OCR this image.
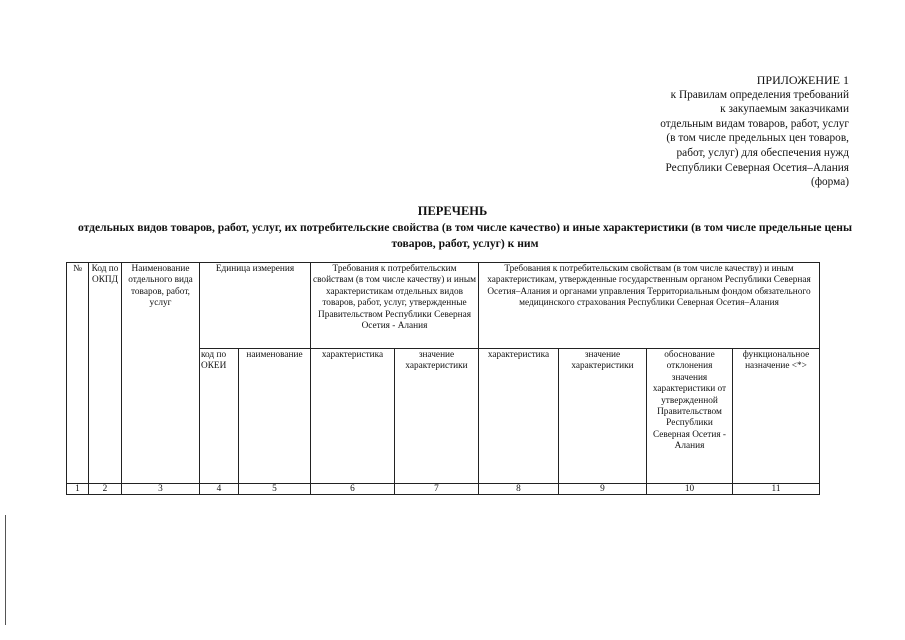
ПРИЛОЖЕНИЕ 1
к Правилам определения требований
к закупаемым заказчиками
отдельным видам товаров, работ, услуг
(в том числе предельных цен товаров,
работ, услуг) для обеспечения нужд
Республики Северная Осетия–Алания
(форма)
ПЕРЕЧЕНЬ
отдельных видов товаров, работ, услуг, их потребительские свойства (в том числе качество) и иные характеристики (в том числе предельные цены товаров, работ, услуг) к ним
№	Код по ОКПД	Наименование отдельного вида товаров, работ, услуг	Единица измерения		Требования к потребительским свойствам (в том числе качеству) и иным характеристикам отдельных видов товаров, работ, услуг, утвержденные Правительством Республики Северная Осетия - Алания		Требования к потребительским свойствам (в том числе качеству) и иным характеристикам, утвержденные государственным органом Республики Северная Осетия–Алания и органами управления Территориальным фондом обязательного медицинского страхования Республики Северная Осетия–Алания			
			код по ОКЕИ	наименование	характеристика	значение характеристики	характеристика	значение характеристики	обоснование отклонения значения характеристики от утвержденной Правительством Республики Северная Осетия - Алания	функциональное назначение <*>
1	2	3	4	5	6	7	8	9	10	11
